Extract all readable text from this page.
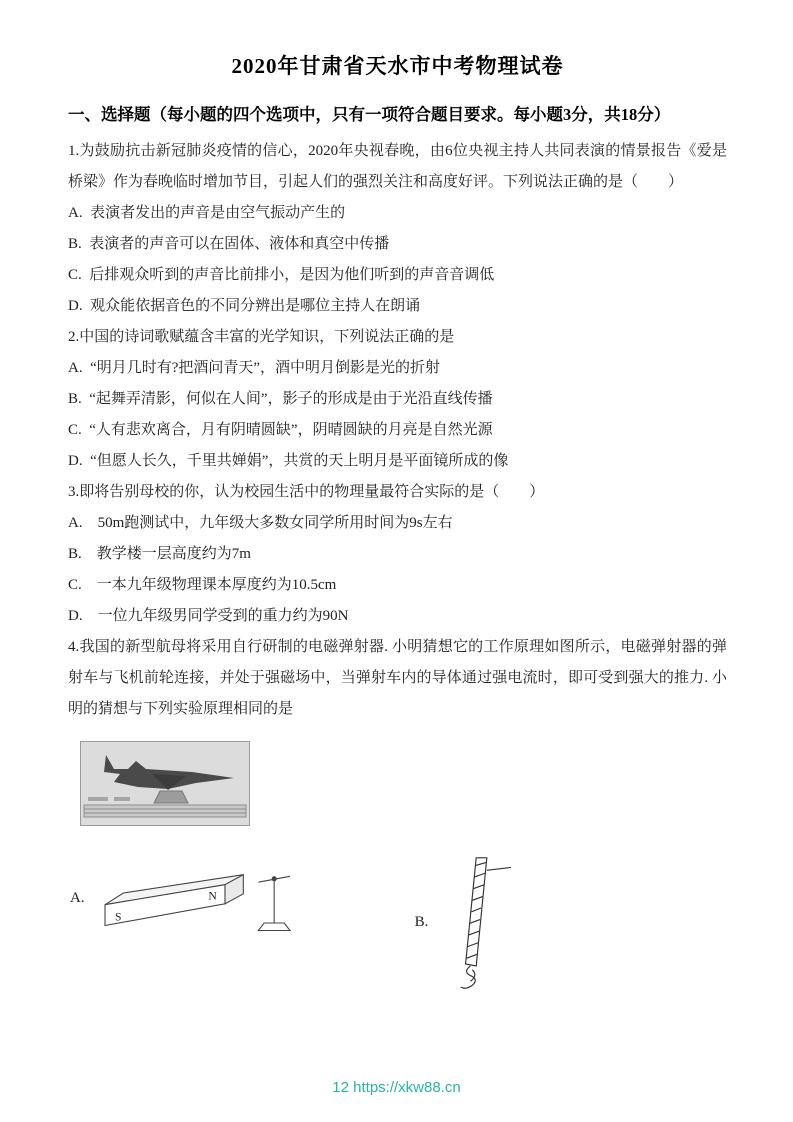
2020年甘肃省天水市中考物理试卷
一、选择题（每小题的四个选项中，只有一项符合题目要求。每小题3分，共18分）

1.为鼓励抗击新冠肺炎疫情的信心，2020年央视春晚，由6位央视主持人共同表演的情景报告《爱是桥梁》作为春晚临时增加节目，引起人们的强烈关注和高度好评。下列说法正确的是（　　）

A. 表演者发出的声音是由空气振动产生的

B. 表演者的声音可以在固体、液体和真空中传播

C. 后排观众听到的声音比前排小，是因为他们听到的声音音调低

D. 观众能依据音色的不同分辨出是哪位主持人在朗诵

2.中国的诗词歌赋蕴含丰富的光学知识，下列说法正确的是

A. “明月几时有?把酒问青天”，酒中明月倒影是光的折射

B. “起舞弄清影，何似在人间”，影子的形成是由于光沿直线传播

C. “人有悲欢离合，月有阴晴圆缺”，阴晴圆缺的月亮是自然光源

D. “但愿人长久，千里共婵娟”，共赏的天上明月是平面镜所成的像

3.即将告别母校的你，认为校园生活中的物理量最符合实际的是（　　）

A.　50m跑测试中，九年级大多数女同学所用时间为9s左右

B.　教学楼一层高度约为7m

C.　一本九年级物理课本厚度约为10.5cm

D.　一位九年级男同学受到的重力约为90N

4.我国的新型航母将采用自行研制的电磁弹射器. 小明猜想它的工作原理如图所示，电磁弹射器的弹射车与飞机前轮连接，并处于强磁场中，当弹射车内的导体通过强电流时，即可受到强大的推力. 小明的猜想与下列实验原理相同的是

A.
S
N
B.
12 https://xkw88.cn
